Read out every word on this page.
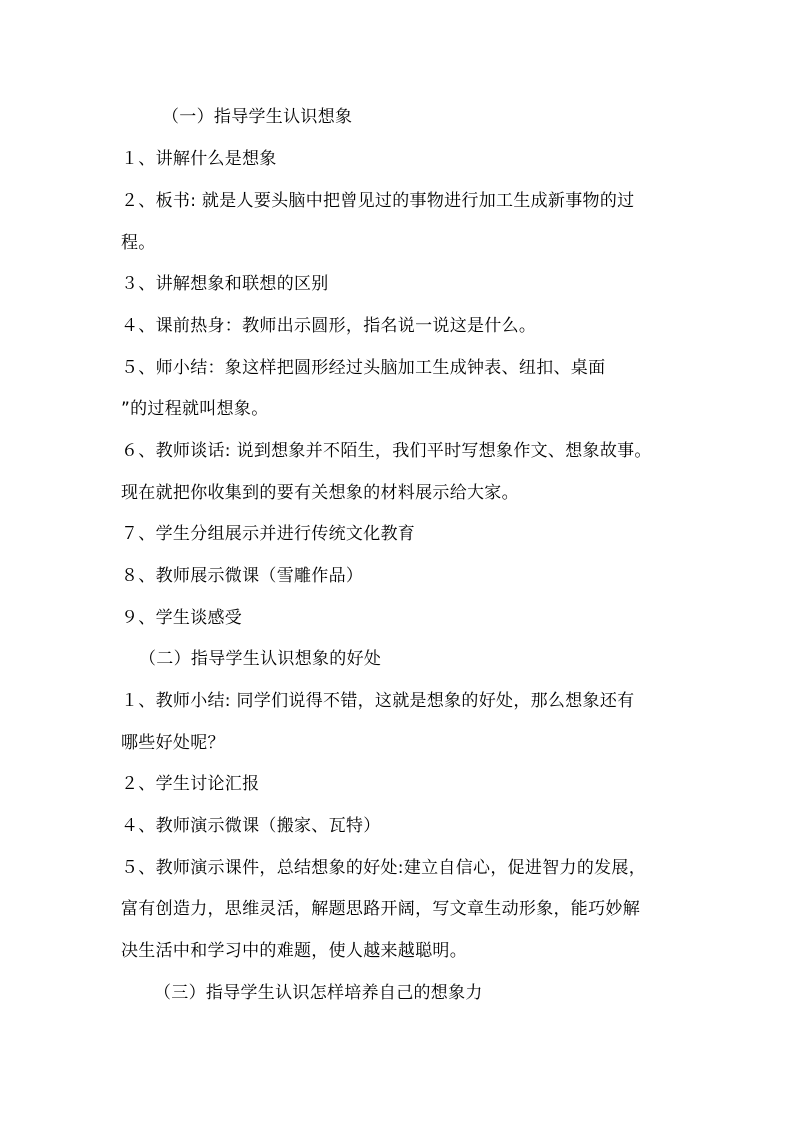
（一）指导学生认识想象
１、讲解什么是想象
２、板书: 就是人要头脑中把曾见过的事物进行加工生成新事物的过
程。
３、讲解想象和联想的区别
４、课前热身：教师出示圆形，指名说一说这是什么。
５、师小结：象这样把圆形经过头脑加工生成钟表、纽扣、桌面
”的过程就叫想象。
６、教师谈话: 说到想象并不陌生，我们平时写想象作文、想象故事。
现在就把你收集到的要有关想象的材料展示给大家。
７、学生分组展示并进行传统文化教育
８、教师展示微课（雪雕作品）
９、学生谈感受
（二）指导学生认识想象的好处
１、教师小结: 同学们说得不错，这就是想象的好处，那么想象还有
哪些好处呢？
２、学生讨论汇报
４、教师演示微课（搬家、瓦特）
５、教师演示课件，总结想象的好处:建立自信心，促进智力的发展，
富有创造力，思维灵活，解题思路开阔，写文章生动形象，能巧妙解
决生活中和学习中的难题，使人越来越聪明。
（三）指导学生认识怎样培养自己的想象力
